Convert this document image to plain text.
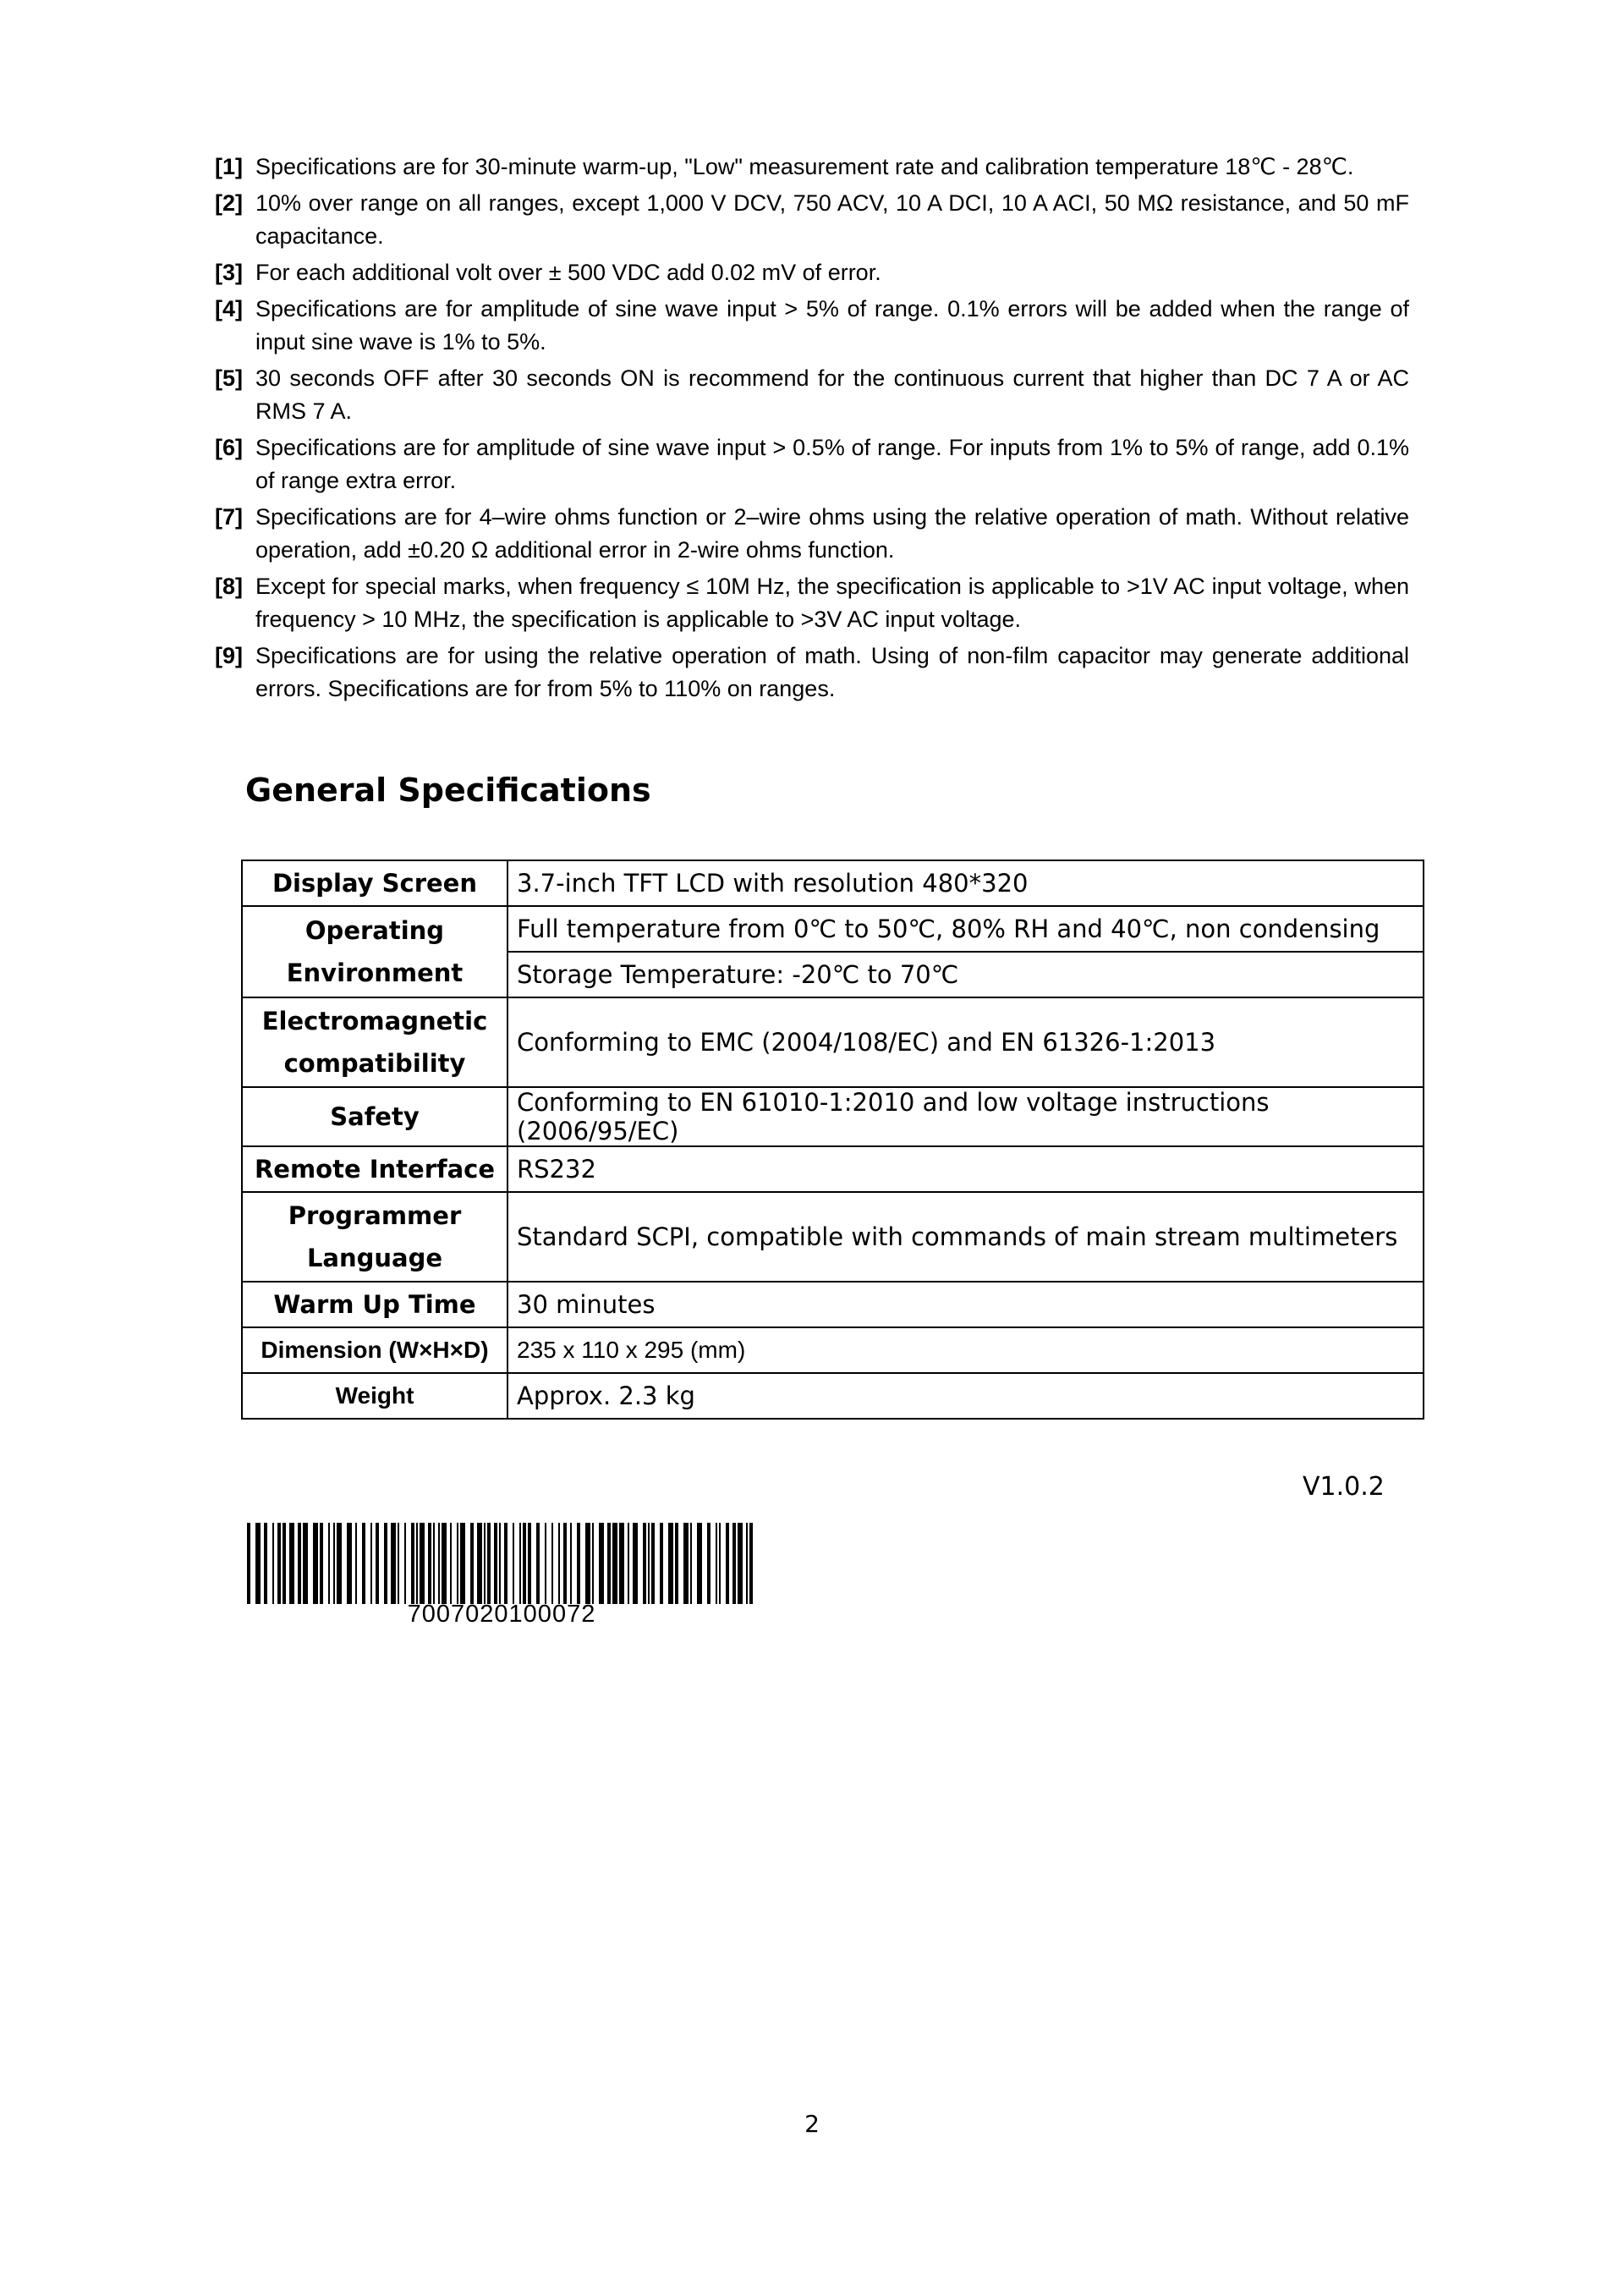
[1] Specifications are for 30-minute warm-up, "Low" measurement rate and calibration temperature 18℃ - 28℃.
[2] 10% over range on all ranges, except 1,000 V DCV, 750 ACV, 10 A DCI, 10 A ACI, 50 MΩ resistance, and 50 mF capacitance.
[3] For each additional volt over ± 500 VDC add 0.02 mV of error.
[4] Specifications are for amplitude of sine wave input > 5% of range. 0.1% errors will be added when the range of input sine wave is 1% to 5%.
[5] 30 seconds OFF after 30 seconds ON is recommend for the continuous current that higher than DC 7 A or AC RMS 7 A.
[6] Specifications are for amplitude of sine wave input > 0.5% of range. For inputs from 1% to 5% of range, add 0.1% of range extra error.
[7] Specifications are for 4–wire ohms function or 2–wire ohms using the relative operation of math. Without relative operation, add ±0.20 Ω additional error in 2-wire ohms function.
[8] Except for special marks, when frequency ≤ 10M Hz, the specification is applicable to >1V AC input voltage, when frequency > 10 MHz, the specification is applicable to >3V AC input voltage.
[9] Specifications are for using the relative operation of math. Using of non-film capacitor may generate additional errors. Specifications are for from 5% to 110% on ranges.
General Specifications
Display Screen	3.7-inch TFT LCD with resolution 480*320
Operating Environment	Full temperature from 0℃ to 50℃, 80% RH and 40℃, non condensing
	Storage Temperature: -20℃ to 70℃
Electromagnetic compatibility	Conforming to EMC (2004/108/EC) and EN 61326-1:2013
Safety	Conforming to EN 61010-1:2010 and low voltage instructions (2006/95/EC)
Remote Interface	RS232
Programmer Language	Standard SCPI, compatible with commands of main stream multimeters
Warm Up Time	30 minutes
Dimension (W×H×D)	235 x 110 x 295 (mm)
Weight	Approx. 2.3 kg
V1.0.2
7007020100072
2
